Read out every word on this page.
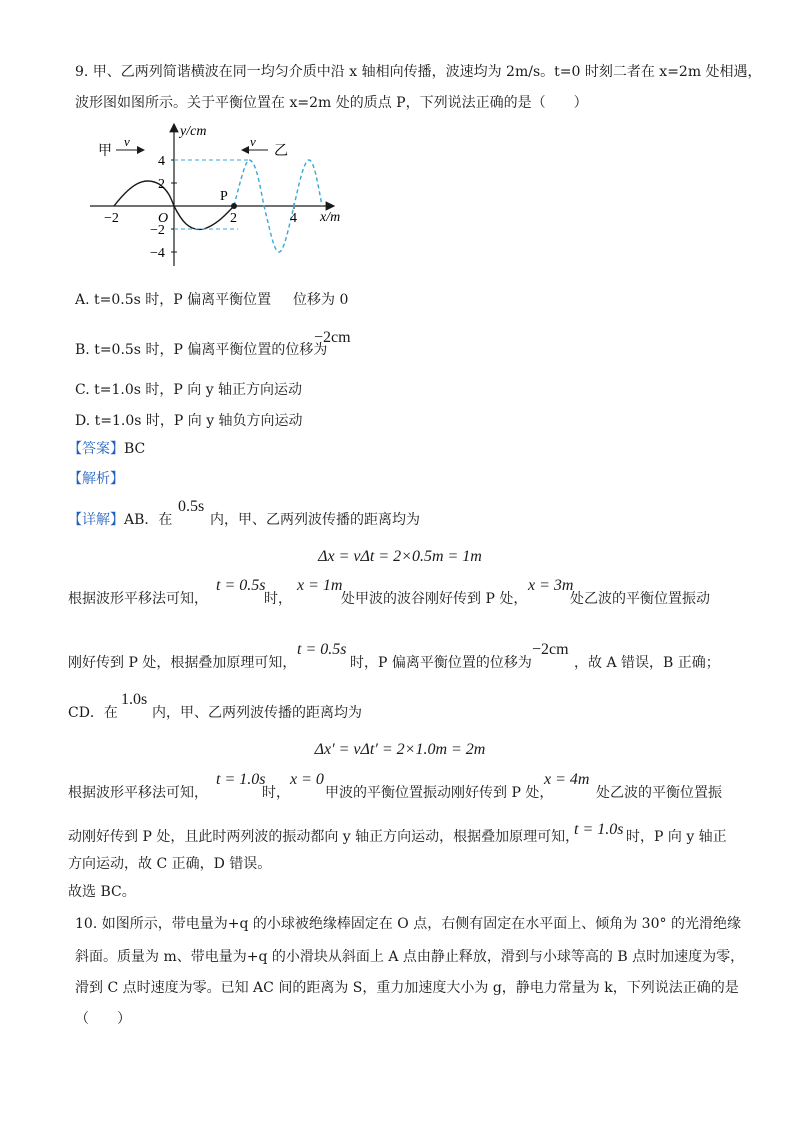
9. 甲、乙两列简谐横波在同一均匀介质中沿 x 轴相向传播，波速均为 2m/s。t=0 时刻二者在 x=2m 处相遇，
波形图如图所示。关于平衡位置在 x=2m 处的质点 P，下列说法正确的是（　　）
甲
v
乙
v
y/cm
x/m
O
P
−2	2	4
4
2
−2
−4
A. t=0.5s 时，P 偏离平衡位置 位移为 0
B. t=0.5s 时，P 偏离平衡位置的位移为
−2cm
C. t=1.0s 时，P 向 y 轴正方向运动
D. t=1.0s 时，P 向 y 轴负方向运动
【答案】BC
【解析】
【详解】AB．在
0.5s
内，甲、乙两列波传播的距离均为
Δx = vΔt = 2×0.5m = 1m
根据波形平移法可知，
t = 0.5s
时，
x = 1m
处甲波的波谷刚好传到 P 处，
x = 3m
处乙波的平衡位置振动
刚好传到 P 处，根据叠加原理可知，
t = 0.5s
时，P 偏离平衡位置的位移为
−2cm
，故 A 错误，B 正确；
CD．在
1.0s
内，甲、乙两列波传播的距离均为
Δx′ = vΔt′ = 2×1.0m = 2m
根据波形平移法可知，
t = 1.0s
时，
x = 0
甲波的平衡位置振动刚好传到 P 处，
x = 4m
处乙波的平衡位置振
动刚好传到 P 处，且此时两列波的振动都向 y 轴正方向运动，根据叠加原理可知，
t = 1.0s 时，P 向 y 轴正
方向运动，故 C 正确，D 错误。
故选 BC。
10. 如图所示，带电量为+q 的小球被绝缘棒固定在 O 点，右侧有固定在水平面上、倾角为 30° 的光滑绝缘
斜面。质量为 m、带电量为+q 的小滑块从斜面上 A 点由静止释放，滑到与小球等高的 B 点时加速度为零，
滑到 C 点时速度为零。已知 AC 间的距离为 S，重力加速度大小为 g，静电力常量为 k，下列说法正确的是
（　　）
